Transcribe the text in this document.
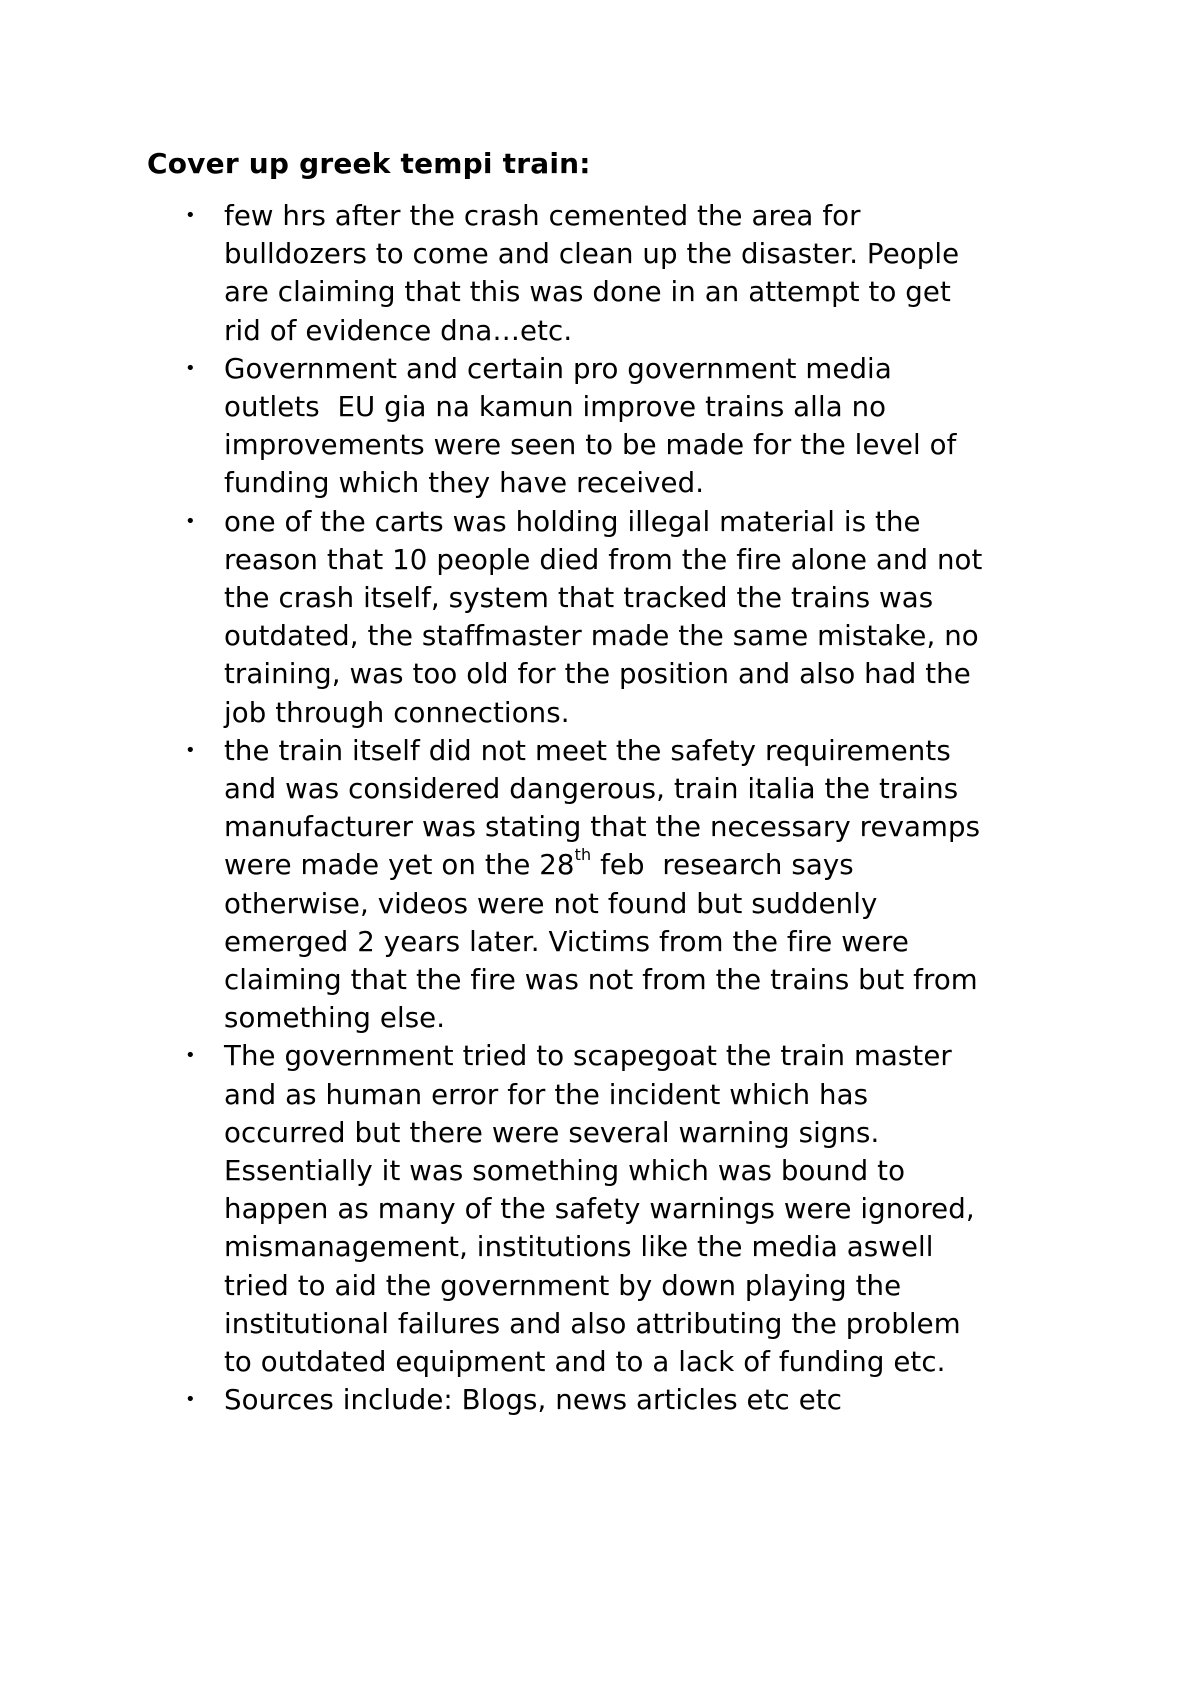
Cover up greek tempi train:
• few hrs after the crash cemented the area for
bulldozers to come and clean up the disaster. People
are claiming that this was done in an attempt to get
rid of evidence dna…etc.
• Government and certain pro government media
outlets  EU gia na kamun improve trains alla no
improvements were seen to be made for the level of
funding which they have received.
• one of the carts was holding illegal material is the
reason that 10 people died from the fire alone and not
the crash itself, system that tracked the trains was
outdated, the staffmaster made the same mistake, no
training, was too old for the position and also had the
job through connections.
• the train itself did not meet the safety requirements
and was considered dangerous, train italia the trains
manufacturer was stating that the necessary revamps
were made yet on the 28th feb  research says
otherwise, videos were not found but suddenly
emerged 2 years later. Victims from the fire were
claiming that the fire was not from the trains but from
something else.
• The government tried to scapegoat the train master
and as human error for the incident which has
occurred but there were several warning signs.
Essentially it was something which was bound to
happen as many of the safety warnings were ignored,
mismanagement, institutions like the media aswell
tried to aid the government by down playing the
institutional failures and also attributing the problem
to outdated equipment and to a lack of funding etc.
• Sources include: Blogs, news articles etc etc
